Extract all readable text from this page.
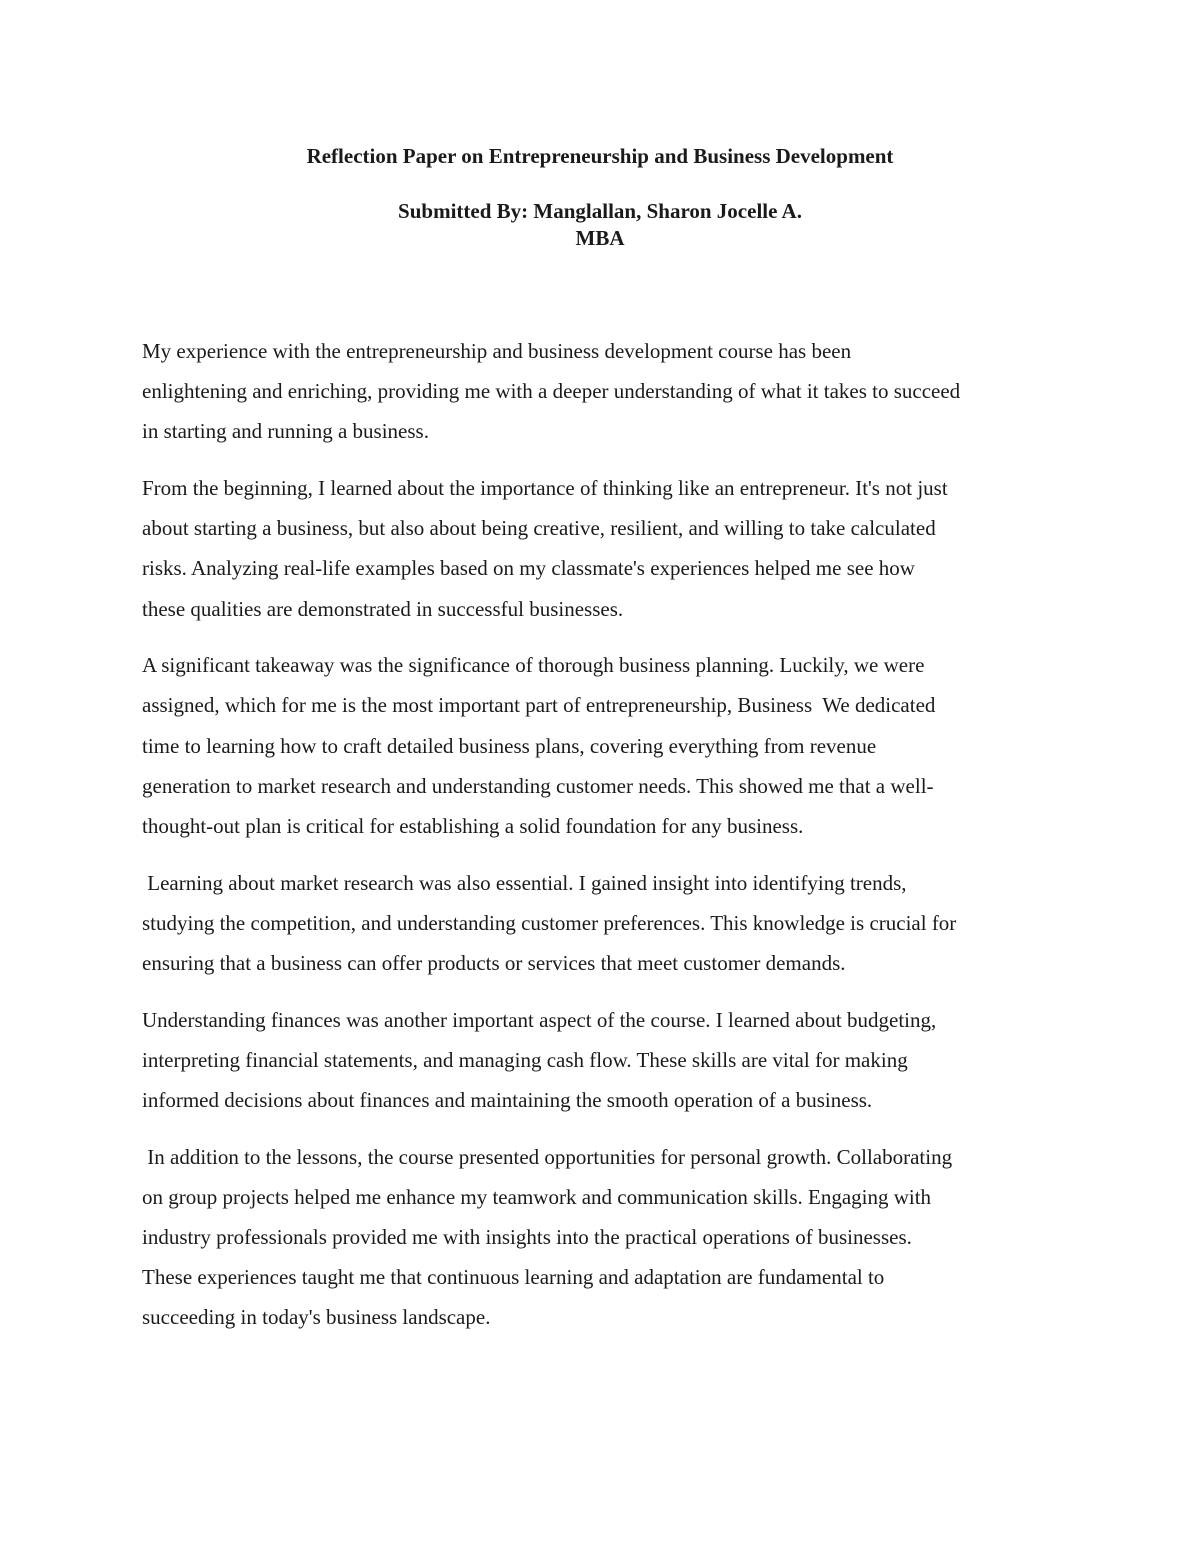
Reflection Paper on Entrepreneurship and Business Development
Submitted By: Manglallan, Sharon Jocelle A.
MBA
My experience with the entrepreneurship and business development course has been
enlightening and enriching, providing me with a deeper understanding of what it takes to succeed
in starting and running a business.
From the beginning, I learned about the importance of thinking like an entrepreneur. It's not just
about starting a business, but also about being creative, resilient, and willing to take calculated
risks. Analyzing real-life examples based on my classmate's experiences helped me see how
these qualities are demonstrated in successful businesses.
A significant takeaway was the significance of thorough business planning. Luckily, we were
assigned, which for me is the most important part of entrepreneurship, Business  We dedicated
time to learning how to craft detailed business plans, covering everything from revenue
generation to market research and understanding customer needs. This showed me that a well-
thought-out plan is critical for establishing a solid foundation for any business.
Learning about market research was also essential. I gained insight into identifying trends,
studying the competition, and understanding customer preferences. This knowledge is crucial for
ensuring that a business can offer products or services that meet customer demands.
Understanding finances was another important aspect of the course. I learned about budgeting,
interpreting financial statements, and managing cash flow. These skills are vital for making
informed decisions about finances and maintaining the smooth operation of a business.
In addition to the lessons, the course presented opportunities for personal growth. Collaborating
on group projects helped me enhance my teamwork and communication skills. Engaging with
industry professionals provided me with insights into the practical operations of businesses.
These experiences taught me that continuous learning and adaptation are fundamental to
succeeding in today's business landscape.
